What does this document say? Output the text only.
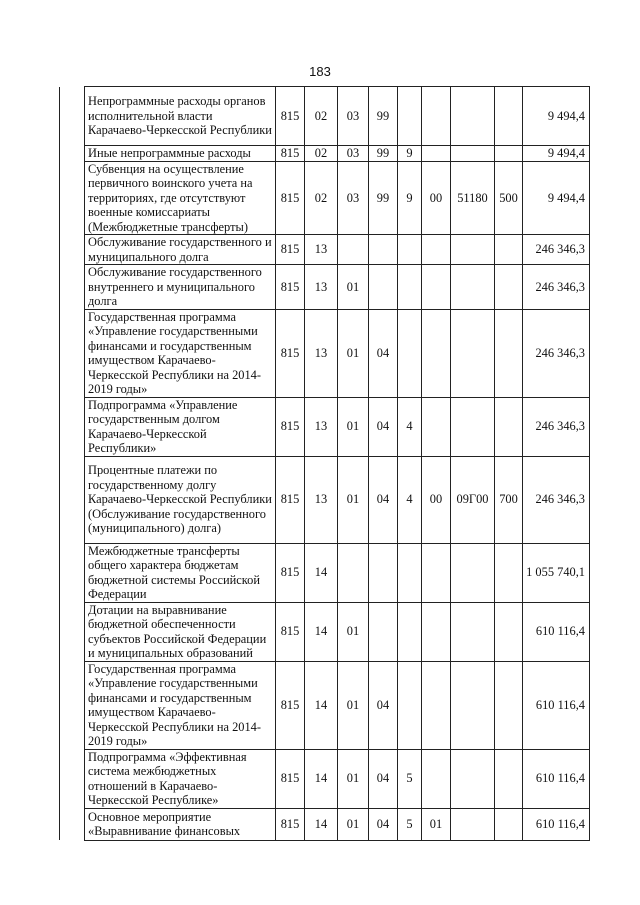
183
	Непрограммные расходы органов исполнительной власти Карачаево-Черкесской Республики	815	02	03	99					9 494,4
	Иные непрограммные расходы	815	02	03	99	9				9 494,4
	Субвенция на осуществление первичного воинского учета на территориях, где отсутствуют военные комиссариаты (Межбюджетные трансферты)	815	02	03	99	9	00	51180	500	9 494,4
	Обслуживание государственного и муниципального долга	815	13							246 346,3
	Обслуживание государственного внутреннего и муниципального долга	815	13	01						246 346,3
	Государственная программа «Управление государственными финансами и государственным имуществом Карачаево-Черкесской Республики на 2014-2019 годы»	815	13	01	04					246 346,3
	Подпрограмма «Управление государственным долгом Карачаево-Черкесской Республики»	815	13	01	04	4				246 346,3
	Процентные платежи по государственному долгу Карачаево-Черкесской Республики (Обслуживание государственного (муниципального) долга)	815	13	01	04	4	00	09Г00	700	246 346,3
	Межбюджетные трансферты общего характера бюджетам бюджетной системы Российской Федерации	815	14							1 055 740,1
	Дотации на выравнивание бюджетной обеспеченности субъектов Российской Федерации и муниципальных образований	815	14	01						610 116,4
	Государственная программа «Управление государственными финансами и государственным имуществом Карачаево-Черкесской Республики на 2014-2019 годы»	815	14	01	04					610 116,4
	Подпрограмма «Эффективная система межбюджетных отношений в Карачаево-Черкесской Республике»	815	14	01	04	5				610 116,4
	Основное мероприятие «Выравнивание финансовых	815	14	01	04	5	01			610 116,4
